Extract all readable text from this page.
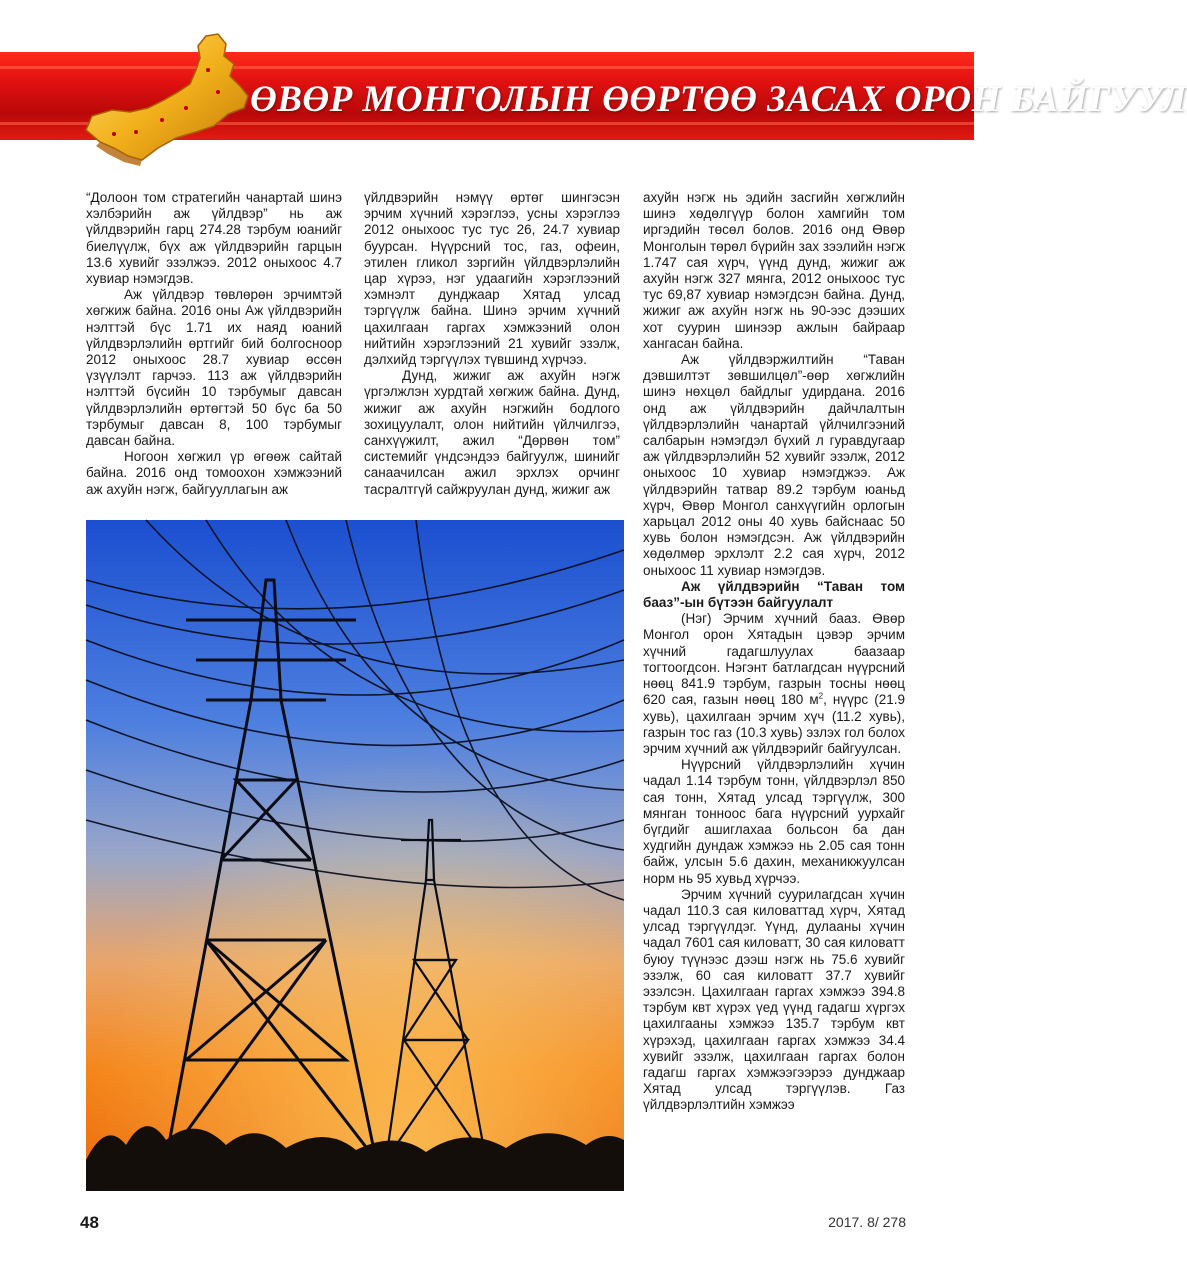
ӨВӨР МОНГОЛЫН ӨӨРТӨӨ ЗАСАХ ОРОН БАЙГУУЛ

“Долоон том стратегийн чанартай шинэ хэлбэрийн аж үйлдвэр” нь аж үйлдвэрийн гарц 274.28 тэрбум юанийг биелүүлж, бүх аж үйлдвэрийн гарцын 13.6 хувийг эзэлжээ. 2012 оныхоос 4.7 хувиар нэмэгдэв.

Аж үйлдвэр төвлөрөн эрчимтэй хөгжиж байна. 2016 оны Аж үйлдвэрийн нэлттэй бүс 1.71 их наяд юаний үйлдвэрлэлийн өртгийг бий болгосноор 2012 оныхоос 28.7 хувиар өссөн үзүүлэлт гарчээ. 113 аж үйлдвэрийн нэлттэй бүсийн 10 тэрбумыг давсан үйлдвэрлэлийн өртөгтэй 50 бүс ба 50 тэрбумыг давсан 8, 100 тэрбумыг давсан байна.

Ногоон хөгжил үр өгөөж сайтай байна. 2016 онд томоохон хэмжээний аж ахуйн нэгж, байгууллагын аж

үйлдвэрийн нэмүү өртөг шингэсэн эрчим хүчний хэрэглээ, усны хэрэглээ 2012 оныхоос тус тус 26, 24.7 хувиар буурсан. Нүүрсний тос, газ, офеин, этилен гликол зэргийн үйлдвэрлэлийн цар хүрээ, нэг удаагийн хэрэглээний хэмнэлт дунджаар Хятад улсад тэргүүлж байна. Шинэ эрчим хүчний цахилгаан гаргах хэмжээний олон нийтийн хэрэглээний 21 хувийг эзэлж, дэлхийд тэргүүлэх түвшинд хүрчээ.

Дунд, жижиг аж ахуйн нэгж үргэлжлэн хурдтай хөгжиж байна. Дунд, жижиг аж ахуйн нэгжийн бодлого зохицуулалт, олон нийтийн үйлчилгээ, санхүүжилт, ажил “Дөрвөн том” системийг үндсэндээ байгуулж, шинийг санаачилсан ажил эрхлэх орчинг тасралтгүй сайжруулан дунд, жижиг аж

ахуйн нэгж нь эдийн засгийн хөгжлийн шинэ хөдөлгүүр болон хамгийн том иргэдийн төсөл болов. 2016 онд Өвөр Монголын төрөл бүрийн зах зээлийн нэгж 1.747 сая хүрч, үүнд дунд, жижиг аж ахуйн нэгж 327 мянга, 2012 оныхоос тус тус 69,87 хувиар нэмэгдсэн байна. Дунд, жижиг аж ахуйн нэгж нь 90-ээс дээших хот суурин шинээр ажлын байраар хангасан байна.

Аж үйлдвэржилтийн “Таван дэвшилтэт зөвшилцөл”-өөр хөгжлийн шинэ нөхцөл байдлыг удирдана. 2016 онд аж үйлдвэрийн дайчлалтын үйлдвэрлэлийн чанартай үйлчилгээний салбарын нэмэгдэл бүхий л гуравдугаар аж үйлдвэрлэлийн 52 хувийг эзэлж, 2012 оныхоос 10 хувиар нэмэгджээ. Аж үйлдвэрийн татвар 89.2 тэрбум юаньд хүрч, Өвөр Монгол санхүүгийн орлогын харьцал 2012 оны 40 хувь байснаас 50 хувь болон нэмэгдсэн. Аж үйлдвэрийн хөдөлмөр эрхлэлт 2.2 сая хүрч, 2012 оныхоос 11 хувиар нэмэгдэв.

Аж үйлдвэрийн “Таван том бааз”-ын бүтээн байгуулалт

(Нэг) Эрчим хүчний бааз. Өвөр Монгол орон Хятадын цэвэр эрчим хүчний гадагшлуулах баазаар тогтоогдсон. Нэгэнт батлагдсан нүүрсний нөөц 841.9 тэрбум, газрын тосны нөөц 620 сая, газын нөөц 180 $м^2$, нүүрс (21.9 хувь), цахилгаан эрчим хүч (11.2 хувь), газрын тос газ (10.3 хувь) эзлэх гол болох эрчим хүчний аж үйлдвэрийг байгуулсан.

Нүүрсний үйлдвэрлэлийн хүчин чадал 1.14 тэрбум тонн, үйлдвэрлэл 850 сая тонн, Хятад улсад тэргүүлж, 300 мянган тонноос бага нүүрсний уурхайг бүгдийг ашиглахаа больсон ба дан худгийн дундаж хэмжээ нь 2.05 сая тонн байж, улсын 5.6 дахин, механикжуулсан норм нь 95 хувьд хүрчээ.

Эрчим хүчний суурилагдсан хүчин чадал 110.3 сая киловаттад хүрч, Хятад улсад тэргүүлдэг. Үүнд, дулааны хүчин чадал 7601 сая киловатт, 30 сая киловатт буюу түүнээс дээш нэгж нь 75.6 хувийг эзэлж, 60 сая киловатт 37.7 хувийг эзэлсэн. Цахилгаан гаргах хэмжээ 394.8 тэрбум квт хүрэх үед үүнд гадагш хүргэх цахилгааны хэмжээ 135.7 тэрбум квт хүрэхэд, цахилгаан гаргах хэмжээ 34.4 хувийг эзэлж, цахилгаан гаргах болон гадагш гаргах хэмжээгээрээ дунджаар Хятад улсад тэргүүлэв. Газ үйлдвэрлэлтийн хэмжээ

48	2017. 8/ 278
